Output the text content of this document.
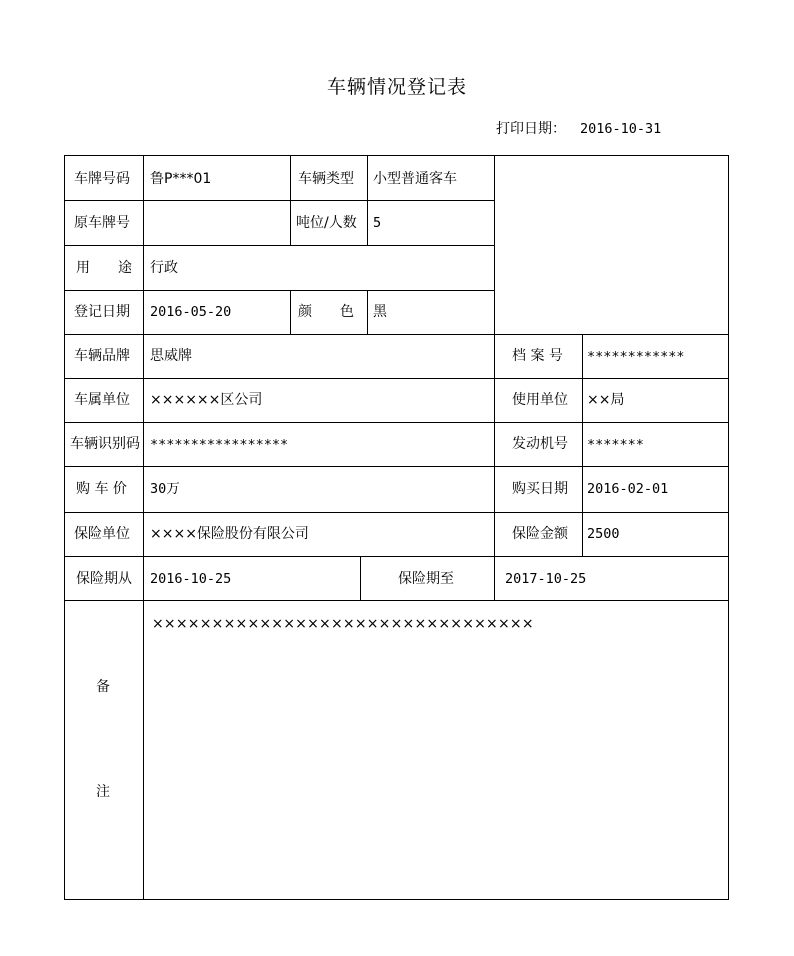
车辆情况登记表
打印日期： 2016-10-31
车牌号码 鲁P***01	车辆类型 小型普通客车
原车牌号	吨位/人数 5
用　　途 行政
登记日期 2016-05-20	颜　　色 黑
车辆品牌 思威牌	档 案 号 ************
车属单位 ××××××区公司	使用单位 ××局
车辆识别码 *****************	发动机号 *******
购 车 价 30万	购买日期 2016-02-01
保险单位 ××××保险股份有限公司	保险金额 2500
保险期从 2016-10-25	保险期至	2017-10-25
备
注
××××××××××××××××××××××××××××××××
